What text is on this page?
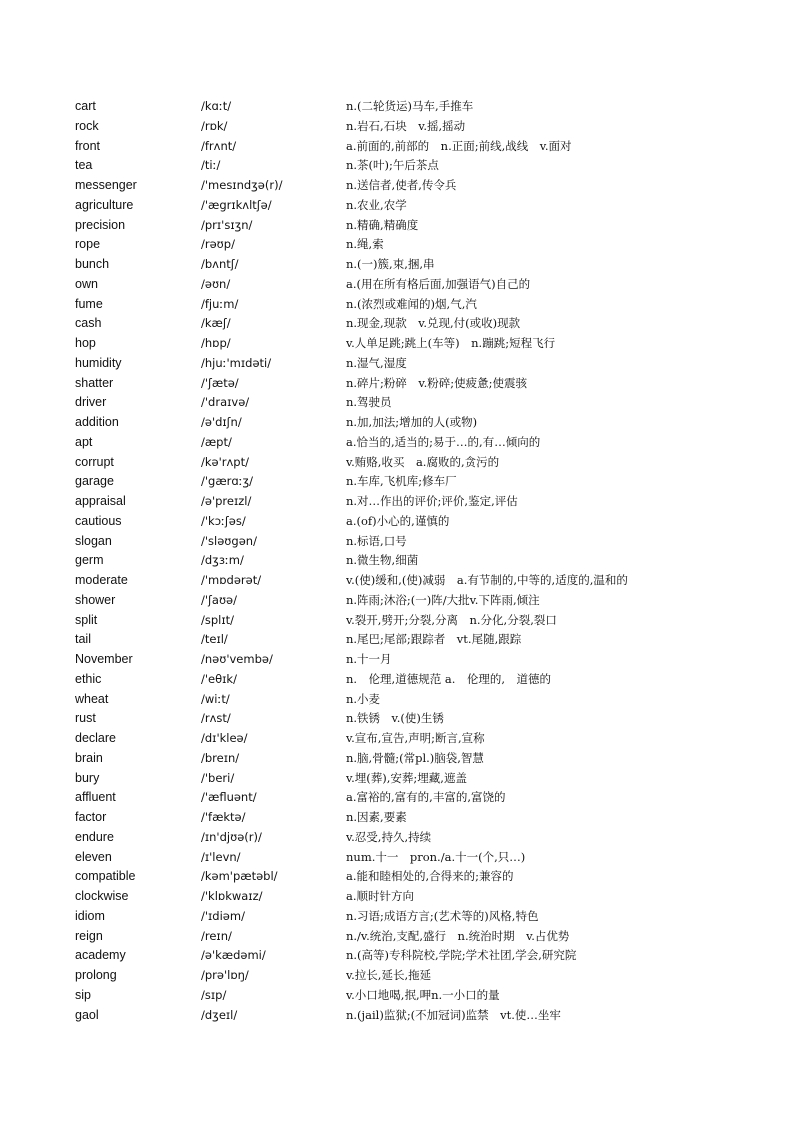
cart	/kɑːt/	n.(二轮货运)马车,手推车
rock	/rɒk/	n.岩石,石块　v.摇,摇动
front	/frʌnt/	a.前面的,前部的　n.正面;前线,战线　v.面对
tea	/tiː/	n.茶(叶);午后茶点
messenger	/'mesɪndʒə(r)/	n.送信者,使者,传令兵
agriculture	/'ægrɪkʌltʃə/	n.农业,农学
precision	/prɪ'sɪʒn/	n.精确,精确度
rope	/rəʊp/	n.绳,索
bunch	/bʌntʃ/	n.(一)簇,束,捆,串
own	/əʊn/	a.(用在所有格后面,加强语气)自己的
fume	/fjuːm/	n.(浓烈或难闻的)烟,气,汽
cash	/kæʃ/	n.现金,现款　v.兑现,付(或收)现款
hop	/hɒp/	v.人单足跳;跳上(车等)　n.蹦跳;短程飞行
humidity	/hjuː'mɪdəti/	n.湿气,湿度
shatter	/'ʃætə/	n.碎片;粉碎　v.粉碎;使疲惫;使震骇
driver	/'draɪvə/	n.驾驶员
addition	/ə'dɪʃn/	n.加,加法;增加的人(或物)
apt	/æpt/	a.恰当的,适当的;易于…的,有…倾向的
corrupt	/kə'rʌpt/	v.贿赂,收买　a.腐败的,贪污的
garage	/'gærɑːʒ/	n.车库,飞机库;修车厂
appraisal	/ə'preɪzl/	n.对…作出的评价;评价,鉴定,评估
cautious	/'kɔːʃəs/	a.(of)小心的,谨慎的
slogan	/'sləʊgən/	n.标语,口号
germ	/dʒɜːm/	n.微生物,细菌
moderate	/'mɒdərət/	v.(使)缓和,(使)减弱　a.有节制的,中等的,适度的,温和的
shower	/'ʃaʊə/	n.阵雨;沐浴;(一)阵/大批v.下阵雨,倾注
split	/splɪt/	v.裂开,劈开;分裂,分离　n.分化,分裂,裂口
tail	/teɪl/	n.尾巴;尾部;跟踪者　vt.尾随,跟踪
November	/nəʊ'vembə/	n.十一月
ethic	/'eθɪk/	n.　伦理,道德规范 a.　伦理的,　道德的
wheat	/wiːt/	n.小麦
rust	/rʌst/	n.铁锈　v.(使)生锈
declare	/dɪ'kleə/	v.宣布,宣告,声明;断言,宣称
brain	/breɪn/	n.脑,骨髓;(常pl.)脑袋,智慧
bury	/'beri/	v.埋(葬),安葬;埋藏,遮盖
affluent	/'æfluənt/	a.富裕的,富有的,丰富的,富饶的
factor	/'fæktə/	n.因素,要素
endure	/ɪn'djʊə(r)/	v.忍受,持久,持续
eleven	/ɪ'levn/	num.十一　pron./a.十一(个,只…)
compatible	/kəm'pætəbl/	a.能和睦相处的,合得来的;兼容的
clockwise	/'klɒkwaɪz/	a.顺时针方向
idiom	/'ɪdiəm/	n.习语;成语方言;(艺术等的)风格,特色
reign	/reɪn/	n./v.统治,支配,盛行　n.统治时期　v.占优势
academy	/ə'kædəmi/	n.(高等)专科院校,学院;学术社团,学会,研究院
prolong	/prə'lɒŋ/	v.拉长,延长,拖延
sip	/sɪp/	v.小口地喝,抿,呷n.一小口的量
gaol	/dʒeɪl/	n.(jail)监狱;(不加冠词)监禁　vt.使…坐牢
